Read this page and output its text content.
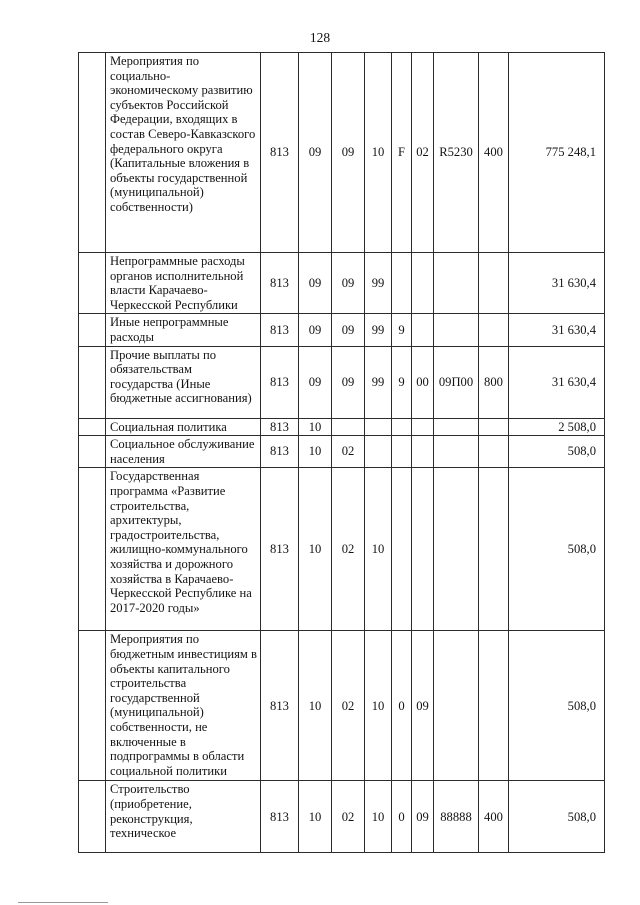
128
	Мероприятия по социально-экономическому развитию субъектов Российской Федерации, входящих в состав Северо-Кавказского федерального округа (Капитальные вложения в объекты государственной (муниципальной) собственности)	813	09	09	10	F	02	R5230	400	775 248,1
	Непрограммные расходы органов исполнительной власти Карачаево-Черкесской Республики	813	09	09	99					31 630,4
	Иные непрограммные расходы	813	09	09	99	9				31 630,4
	Прочие выплаты по обязательствам государства (Иные бюджетные ассигнования)	813	09	09	99	9	00	09П00	800	31 630,4
	Социальная политика	813	10							2 508,0
	Социальное обслуживание населения	813	10	02						508,0
	Государственная программа «Развитие строительства, архитектуры, градостроительства, жилищно-коммунального хозяйства и дорожного хозяйства в Карачаево-Черкесской Республике на 2017-2020 годы»	813	10	02	10					508,0
	Мероприятия по бюджетным инвестициям в объекты капитального строительства государственной (муниципальной) собственности, не включенные в подпрограммы в области социальной политики	813	10	02	10	0	09			508,0
	Строительство (приобретение, реконструкция, техническое	813	10	02	10	0	09	88888	400	508,0
